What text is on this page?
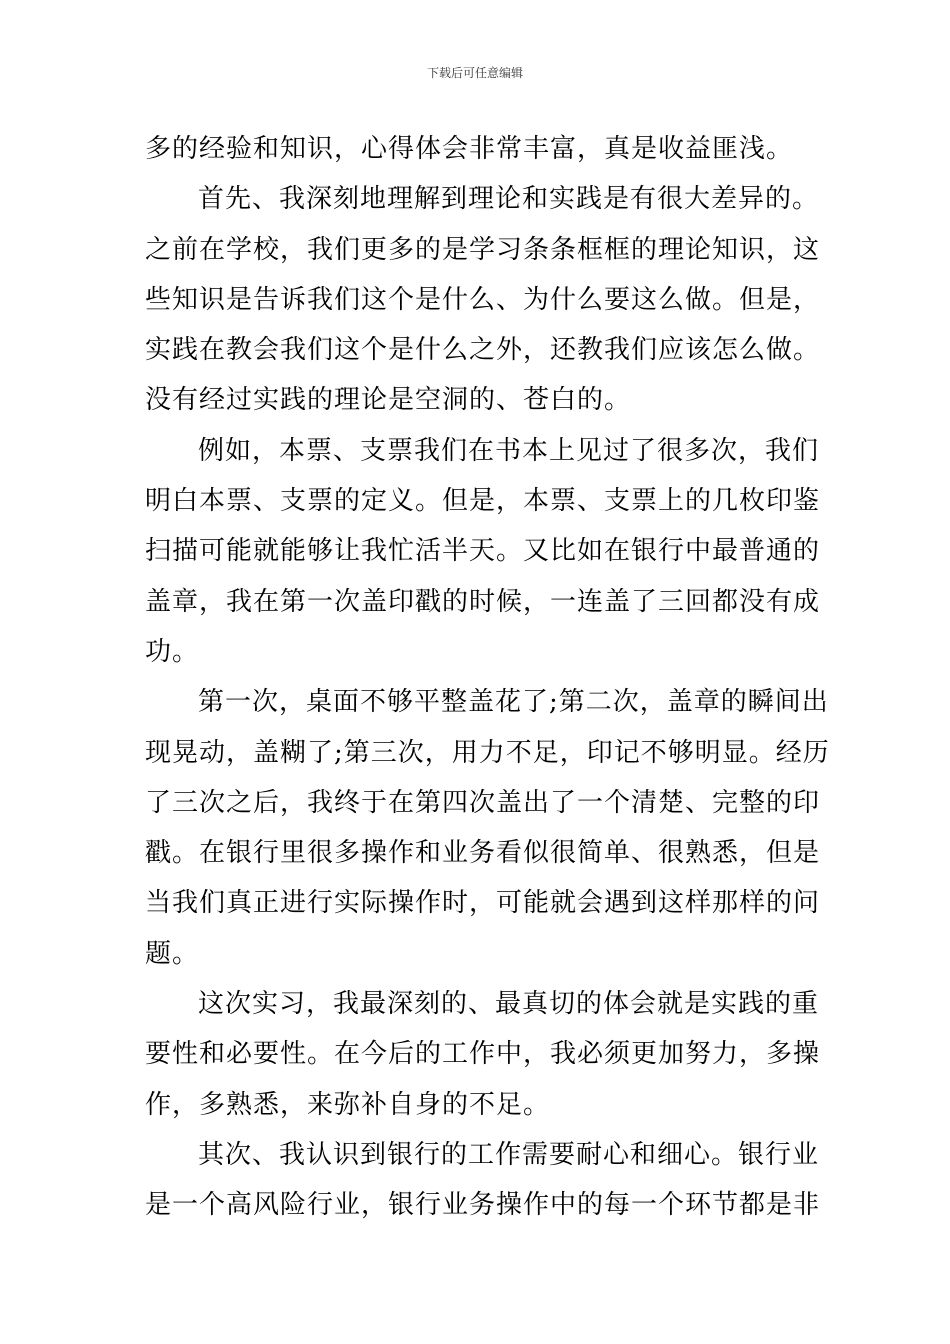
下载后可任意编辑
多的经验和知识，心得体会非常丰富，真是收益匪浅。
首先、我深刻地理解到理论和实践是有很大差异的。
之前在学校，我们更多的是学习条条框框的理论知识，这
些知识是告诉我们这个是什么、为什么要这么做。但是，
实践在教会我们这个是什么之外，还教我们应该怎么做。
没有经过实践的理论是空洞的、苍白的。
例如，本票、支票我们在书本上见过了很多次，我们
明白本票、支票的定义。但是，本票、支票上的几枚印鉴
扫描可能就能够让我忙活半天。又比如在银行中最普通的
盖章，我在第一次盖印戳的时候，一连盖了三回都没有成
功。
第一次，桌面不够平整盖花了;第二次，盖章的瞬间出
现晃动，盖糊了;第三次，用力不足，印记不够明显。经历
了三次之后，我终于在第四次盖出了一个清楚、完整的印
戳。在银行里很多操作和业务看似很简单、很熟悉，但是
当我们真正进行实际操作时，可能就会遇到这样那样的问
题。
这次实习，我最深刻的、最真切的体会就是实践的重
要性和必要性。在今后的工作中，我必须更加努力，多操
作，多熟悉，来弥补自身的不足。
其次、我认识到银行的工作需要耐心和细心。银行业
是一个高风险行业，银行业务操作中的每一个环节都是非
